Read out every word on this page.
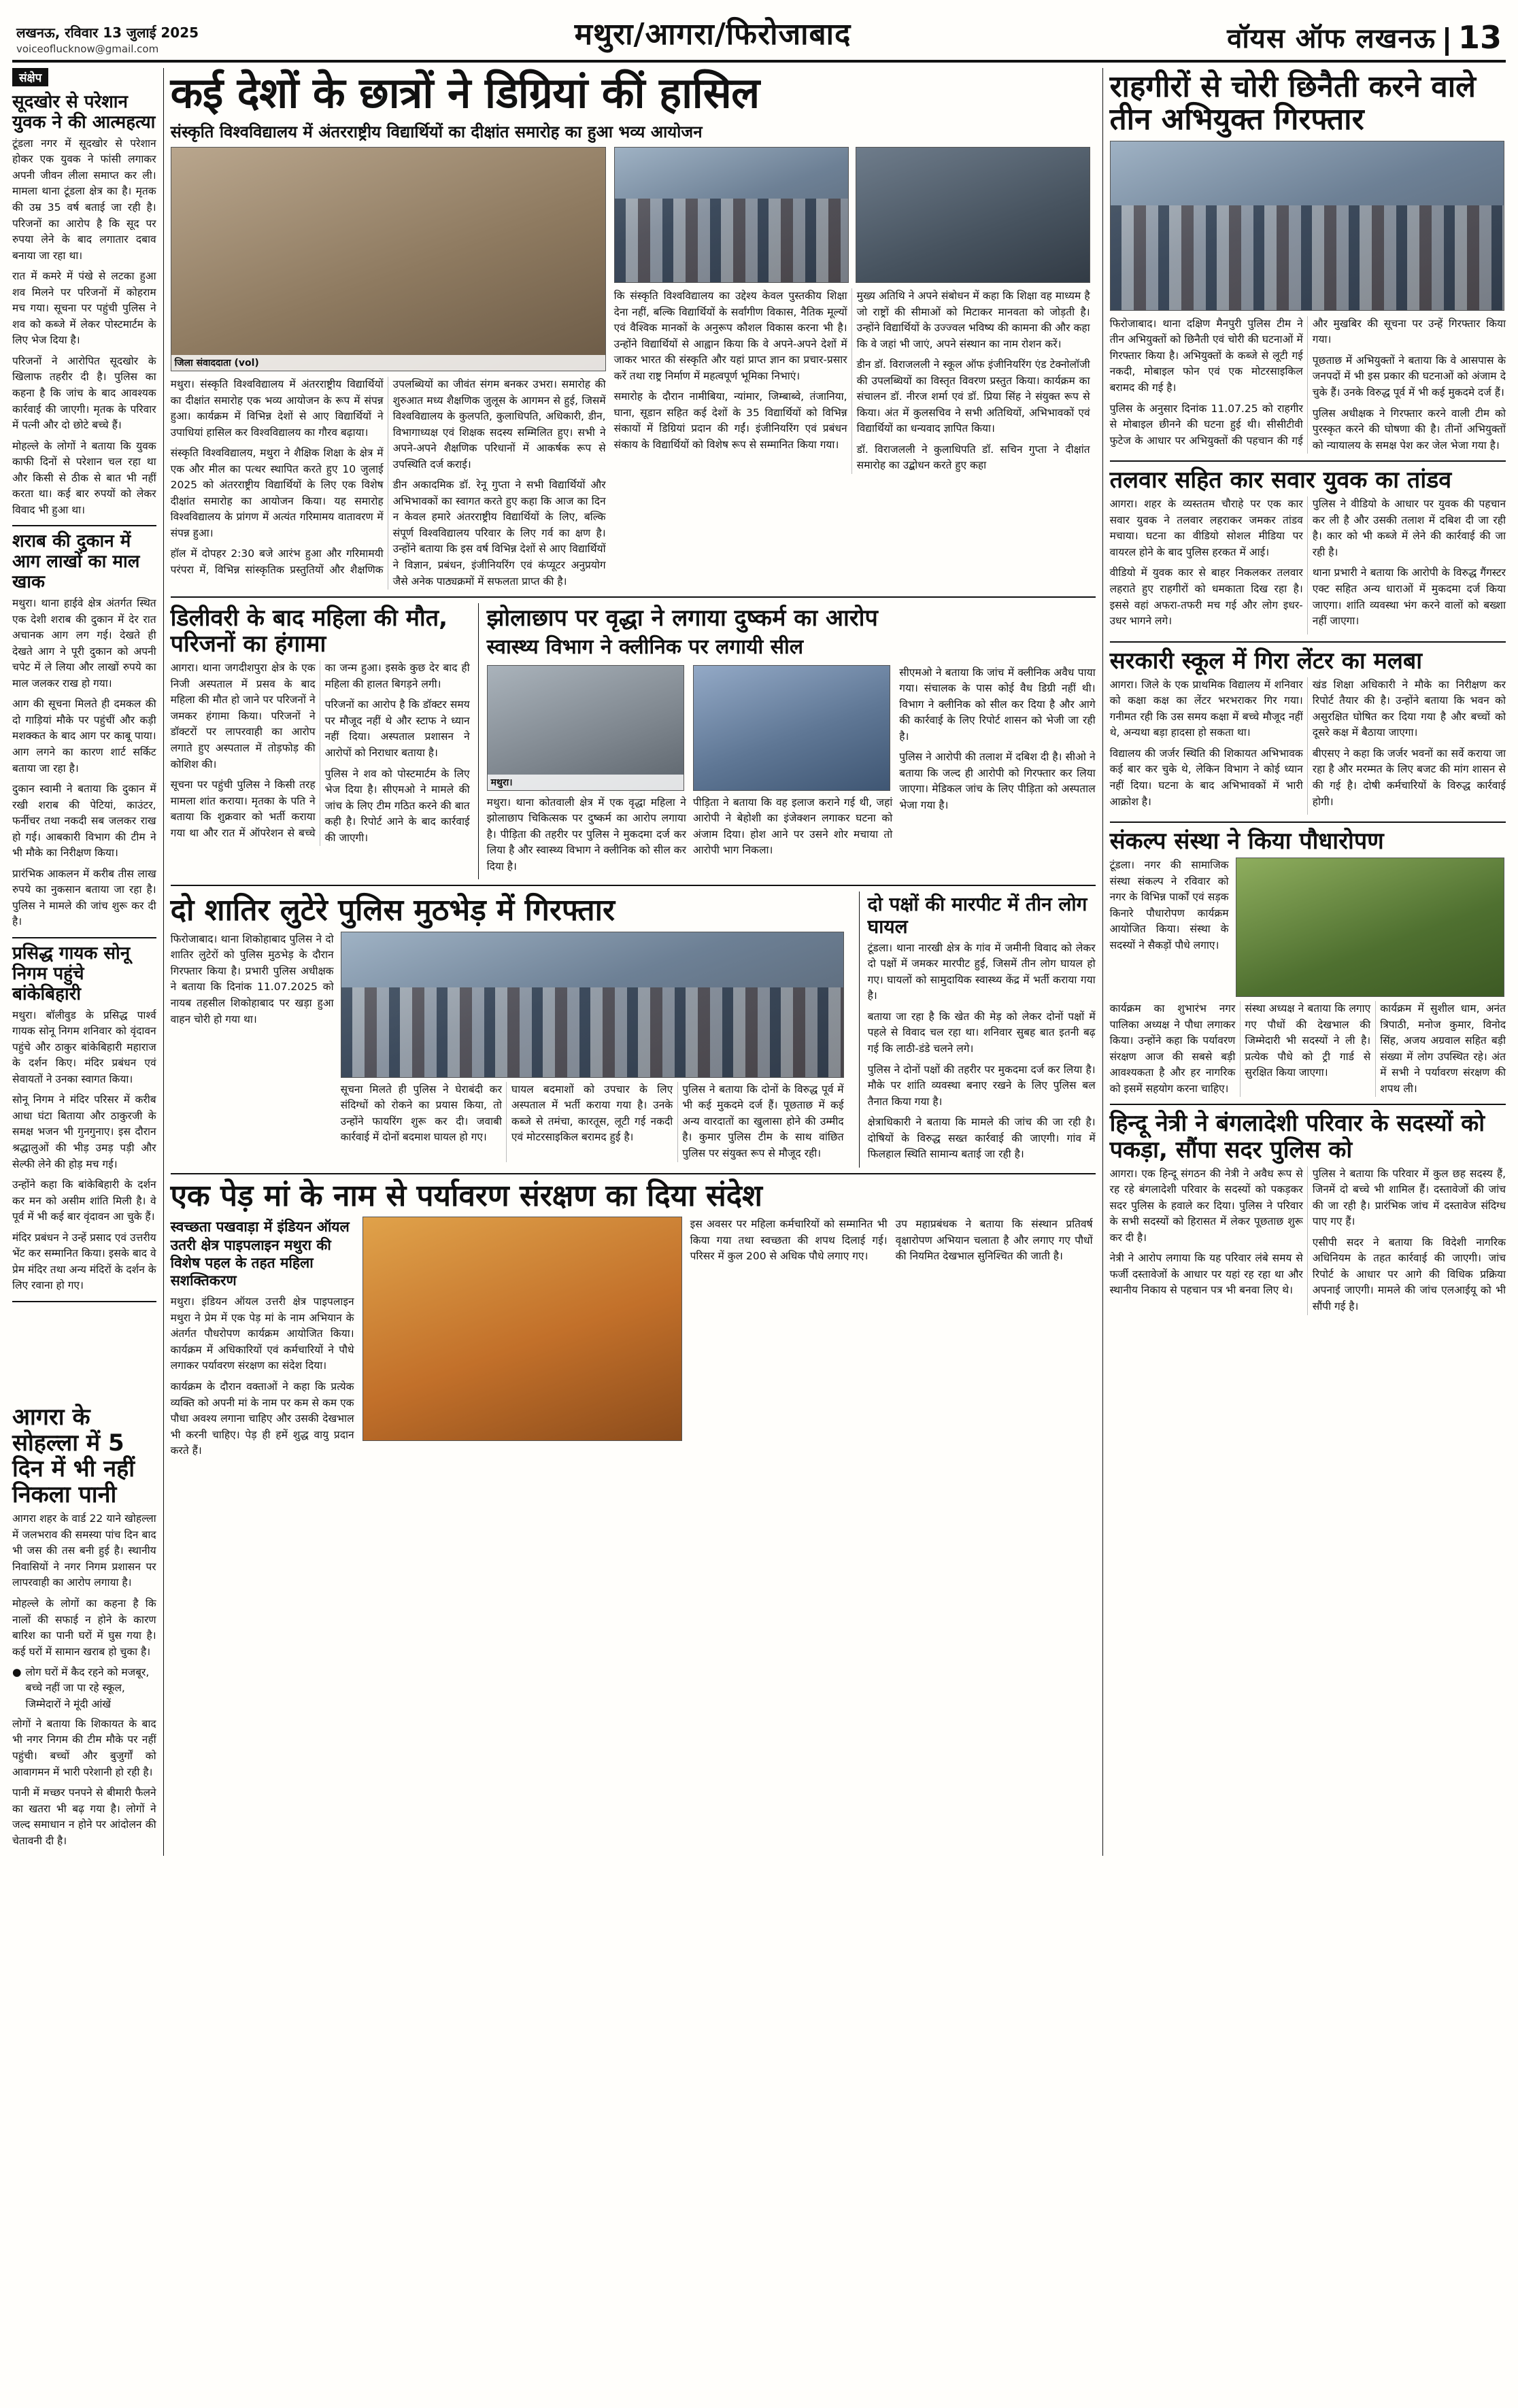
लखनऊ, रविवार 13 जुलाई 2025
voiceoflucknow@gmail.com	मथुरा/आगरा/फिरोजाबाद	वॉयस ऑफ लखनऊ 13
संक्षेप
सूदखोर से परेशान युवक ने की आत्महत्या

टूंडला नगर में सूदखोर से परेशान होकर एक युवक ने फांसी लगाकर अपनी जीवन लीला समाप्त कर ली। मामला थाना टूंडला क्षेत्र का है। मृतक की उम्र 35 वर्ष बताई जा रही है। परिजनों का आरोप है कि सूद पर रुपया लेने के बाद लगातार दबाव बनाया जा रहा था।

रात में कमरे में पंखे से लटका हुआ शव मिलने पर परिजनों में कोहराम मच गया। सूचना पर पहुंची पुलिस ने शव को कब्जे में लेकर पोस्टमार्टम के लिए भेज दिया है।

परिजनों ने आरोपित सूदखोर के खिलाफ तहरीर दी है। पुलिस का कहना है कि जांच के बाद आवश्यक कार्रवाई की जाएगी। मृतक के परिवार में पत्नी और दो छोटे बच्चे हैं।

मोहल्ले के लोगों ने बताया कि युवक काफी दिनों से परेशान चल रहा था और किसी से ठीक से बात भी नहीं करता था। कई बार रुपयों को लेकर विवाद भी हुआ था।

शराब की दुकान में आग लाखों का माल खाक

मथुरा। थाना हाईवे क्षेत्र अंतर्गत स्थित एक देशी शराब की दुकान में देर रात अचानक आग लग गई। देखते ही देखते आग ने पूरी दुकान को अपनी चपेट में ले लिया और लाखों रुपये का माल जलकर राख हो गया।

आग की सूचना मिलते ही दमकल की दो गाड़ियां मौके पर पहुंचीं और कड़ी मशक्कत के बाद आग पर काबू पाया। आग लगने का कारण शार्ट सर्किट बताया जा रहा है।

दुकान स्वामी ने बताया कि दुकान में रखी शराब की पेटियां, काउंटर, फर्नीचर तथा नकदी सब जलकर राख हो गई। आबकारी विभाग की टीम ने भी मौके का निरीक्षण किया।

प्रारंभिक आकलन में करीब तीस लाख रुपये का नुकसान बताया जा रहा है। पुलिस ने मामले की जांच शुरू कर दी है।

प्रसिद्ध गायक सोनू निगम पहुंचे बांकेबिहारी

मथुरा। बॉलीवुड के प्रसिद्ध पार्श्व गायक सोनू निगम शनिवार को वृंदावन पहुंचे और ठाकुर बांकेबिहारी महाराज के दर्शन किए। मंदिर प्रबंधन एवं सेवायतों ने उनका स्वागत किया।

सोनू निगम ने मंदिर परिसर में करीब आधा घंटा बिताया और ठाकुरजी के समक्ष भजन भी गुनगुनाए। इस दौरान श्रद्धालुओं की भीड़ उमड़ पड़ी और सेल्फी लेने की होड़ मच गई।

उन्होंने कहा कि बांकेबिहारी के दर्शन कर मन को असीम शांति मिली है। वे पूर्व में भी कई बार वृंदावन आ चुके हैं।

मंदिर प्रबंधन ने उन्हें प्रसाद एवं उत्तरीय भेंट कर सम्मानित किया। इसके बाद वे प्रेम मंदिर तथा अन्य मंदिरों के दर्शन के लिए रवाना हो गए।

आगरा के सोहल्ला में 5 दिन में भी नहीं निकला पानी

आगरा शहर के वार्ड 22 याने खोहल्ला में जलभराव की समस्या पांच दिन बाद भी जस की तस बनी हुई है। स्थानीय निवासियों ने नगर निगम प्रशासन पर लापरवाही का आरोप लगाया है।

मोहल्ले के लोगों का कहना है कि नालों की सफाई न होने के कारण बारिश का पानी घरों में घुस गया है। कई घरों में सामान खराब हो चुका है।

● लोग घरों में कैद रहने को मजबूर, बच्चे नहीं जा पा रहे स्कूल, जिम्मेदारों ने मूंदी आंखें

लोगों ने बताया कि शिकायत के बाद भी नगर निगम की टीम मौके पर नहीं पहुंची। बच्चों और बुजुर्गों को आवागमन में भारी परेशानी हो रही है।

पानी में मच्छर पनपने से बीमारी फैलने का खतरा भी बढ़ गया है। लोगों ने जल्द समाधान न होने पर आंदोलन की चेतावनी दी है।

कई देशों के छात्रों ने डिग्रियां कीं हासिल
संस्कृति विश्वविद्यालय में अंतरराष्ट्रीय विद्यार्थियों का दीक्षांत समारोह का हुआ भव्य आयोजन
जिला संवाददाता (vol)

मथुरा। संस्कृति विश्वविद्यालय में अंतरराष्ट्रीय विद्यार्थियों का दीक्षांत समारोह एक भव्य आयोजन के रूप में संपन्न हुआ। कार्यक्रम में विभिन्न देशों से आए विद्यार्थियों ने उपाधियां हासिल कर विश्वविद्यालय का गौरव बढ़ाया।

संस्कृति विश्वविद्यालय, मथुरा ने शैक्षिक शिक्षा के क्षेत्र में एक और मील का पत्थर स्थापित करते हुए 10 जुलाई 2025 को अंतरराष्ट्रीय विद्यार्थियों के लिए एक विशेष दीक्षांत समारोह का आयोजन किया। यह समारोह विश्वविद्यालय के प्रांगण में अत्यंत गरिमामय वातावरण में संपन्न हुआ।

हॉल में दोपहर 2:30 बजे आरंभ हुआ और गरिमामयी परंपरा में, विभिन्न सांस्कृतिक प्रस्तुतियों और शैक्षणिक उपलब्धियों का जीवंत संगम बनकर उभरा। समारोह की शुरुआत मध्य शैक्षणिक जुलूस के आगमन से हुई, जिसमें विश्वविद्यालय के कुलपति, कुलाधिपति, अधिकारी, डीन, विभागाध्यक्ष एवं शिक्षक सदस्य सम्मिलित हुए। सभी ने अपने-अपने शैक्षणिक परिधानों में आकर्षक रूप से उपस्थिति दर्ज कराई।

डीन अकादमिक डॉ. रेनू गुप्ता ने सभी विद्यार्थियों और अभिभावकों का स्वागत करते हुए कहा कि आज का दिन न केवल हमारे अंतरराष्ट्रीय विद्यार्थियों के लिए, बल्कि संपूर्ण विश्वविद्यालय परिवार के लिए गर्व का क्षण है। उन्होंने बताया कि इस वर्ष विभिन्न देशों से आए विद्यार्थियों ने विज्ञान, प्रबंधन, इंजीनियरिंग एवं कंप्यूटर अनुप्रयोग जैसे अनेक पाठ्यक्रमों में सफलता प्राप्त की है।

कि संस्कृति विश्वविद्यालय का उद्देश्य केवल पुस्तकीय शिक्षा देना नहीं, बल्कि विद्यार्थियों के सर्वांगीण विकास, नैतिक मूल्यों एवं वैश्विक मानकों के अनुरूप कौशल विकास करना भी है। उन्होंने विद्यार्थियों से आह्वान किया कि वे अपने-अपने देशों में जाकर भारत की संस्कृति और यहां प्राप्त ज्ञान का प्रचार-प्रसार करें तथा राष्ट्र निर्माण में महत्वपूर्ण भूमिका निभाएं।

समारोह के दौरान नामीबिया, न्यांमार, जिम्बाब्वे, तंजानिया, घाना, सूडान सहित कई देशों के 35 विद्यार्थियों को विभिन्न संकायों में डिग्रियां प्रदान की गईं। इंजीनियरिंग एवं प्रबंधन संकाय के विद्यार्थियों को विशेष रूप से सम्मानित किया गया।

मुख्य अतिथि ने अपने संबोधन में कहा कि शिक्षा वह माध्यम है जो राष्ट्रों की सीमाओं को मिटाकर मानवता को जोड़ती है। उन्होंने विद्यार्थियों के उज्ज्वल भविष्य की कामना की और कहा कि वे जहां भी जाएं, अपने संस्थान का नाम रोशन करें।

डीन डॉ. विराजलली ने स्कूल ऑफ इंजीनियरिंग एंड टेक्नोलॉजी की उपलब्धियों का विस्तृत विवरण प्रस्तुत किया। कार्यक्रम का संचालन डॉ. नीरज शर्मा एवं डॉ. प्रिया सिंह ने संयुक्त रूप से किया। अंत में कुलसचिव ने सभी अतिथियों, अभिभावकों एवं विद्यार्थियों का धन्यवाद ज्ञापित किया।

डॉ. विराजलली ने कुलाधिपति डॉ. सचिन गुप्ता ने दीक्षांत समारोह का उद्बोधन करते हुए कहा

डिलीवरी के बाद महिला की मौत, परिजनों का हंगामा

आगरा। थाना जगदीशपुरा क्षेत्र के एक निजी अस्पताल में प्रसव के बाद महिला की मौत हो जाने पर परिजनों ने जमकर हंगामा किया। परिजनों ने डॉक्टरों पर लापरवाही का आरोप लगाते हुए अस्पताल में तोड़फोड़ की कोशिश की।

सूचना पर पहुंची पुलिस ने किसी तरह मामला शांत कराया। मृतका के पति ने बताया कि शुक्रवार को भर्ती कराया गया था और रात में ऑपरेशन से बच्चे का जन्म हुआ। इसके कुछ देर बाद ही महिला की हालत बिगड़ने लगी।

परिजनों का आरोप है कि डॉक्टर समय पर मौजूद नहीं थे और स्टाफ ने ध्यान नहीं दिया। अस्पताल प्रशासन ने आरोपों को निराधार बताया है।

पुलिस ने शव को पोस्टमार्टम के लिए भेज दिया है। सीएमओ ने मामले की जांच के लिए टीम गठित करने की बात कही है। रिपोर्ट आने के बाद कार्रवाई की जाएगी।

झोलाछाप पर वृद्धा ने लगाया दुष्कर्म का आरोप
स्वास्थ्य विभाग ने क्लीनिक पर लगायी सील
मथुरा।

मथुरा। थाना कोतवाली क्षेत्र में एक वृद्धा महिला ने झोलाछाप चिकित्सक पर दुष्कर्म का आरोप लगाया है। पीड़िता की तहरीर पर पुलिस ने मुकदमा दर्ज कर लिया है और स्वास्थ्य विभाग ने क्लीनिक को सील कर दिया है।

पीड़िता ने बताया कि वह इलाज कराने गई थी, जहां आरोपी ने बेहोशी का इंजेक्शन लगाकर घटना को अंजाम दिया। होश आने पर उसने शोर मचाया तो आरोपी भाग निकला।

सीएमओ ने बताया कि जांच में क्लीनिक अवैध पाया गया। संचालक के पास कोई वैध डिग्री नहीं थी। विभाग ने क्लीनिक को सील कर दिया है और आगे की कार्रवाई के लिए रिपोर्ट शासन को भेजी जा रही है।

पुलिस ने आरोपी की तलाश में दबिश दी है। सीओ ने बताया कि जल्द ही आरोपी को गिरफ्तार कर लिया जाएगा। मेडिकल जांच के लिए पीड़िता को अस्पताल भेजा गया है।

दो शातिर लुटेरे पुलिस मुठभेड़ में गिरफ्तार

फिरोजाबाद। थाना शिकोहाबाद पुलिस ने दो शातिर लुटेरों को पुलिस मुठभेड़ के दौरान गिरफ्तार किया है। प्रभारी पुलिस अधीक्षक ने बताया कि दिनांक 11.07.2025 को नायब तहसील शिकोहाबाद पर खड़ा हुआ वाहन चोरी हो गया था।

सूचना मिलते ही पुलिस ने घेराबंदी कर संदिग्धों को रोकने का प्रयास किया, तो उन्होंने फायरिंग शुरू कर दी। जवाबी कार्रवाई में दोनों बदमाश घायल हो गए।

घायल बदमाशों को उपचार के लिए अस्पताल में भर्ती कराया गया है। उनके कब्जे से तमंचा, कारतूस, लूटी गई नकदी एवं मोटरसाइकिल बरामद हुई है।

पुलिस ने बताया कि दोनों के विरुद्ध पूर्व में भी कई मुकदमे दर्ज हैं। पूछताछ में कई अन्य वारदातों का खुलासा होने की उम्मीद है। कुमार पुलिस टीम के साथ वांछित पुलिस पर संयुक्त रूप से मौजूद रही।

दो पक्षों की मारपीट में तीन लोग घायल

टूंडला। थाना नारखी क्षेत्र के गांव में जमीनी विवाद को लेकर दो पक्षों में जमकर मारपीट हुई, जिसमें तीन लोग घायल हो गए। घायलों को सामुदायिक स्वास्थ्य केंद्र में भर्ती कराया गया है।

बताया जा रहा है कि खेत की मेड़ को लेकर दोनों पक्षों में पहले से विवाद चल रहा था। शनिवार सुबह बात इतनी बढ़ गई कि लाठी-डंडे चलने लगे।

पुलिस ने दोनों पक्षों की तहरीर पर मुकदमा दर्ज कर लिया है। मौके पर शांति व्यवस्था बनाए रखने के लिए पुलिस बल तैनात किया गया है।

क्षेत्राधिकारी ने बताया कि मामले की जांच की जा रही है। दोषियों के विरुद्ध सख्त कार्रवाई की जाएगी। गांव में फिलहाल स्थिति सामान्य बताई जा रही है।

एक पेड़ मां के नाम से पर्यावरण संरक्षण का दिया संदेश
स्वच्छता पखवाड़ा में इंडियन ऑयल उतरी क्षेत्र पाइपलाइन मथुरा की विशेष पहल के तहत महिला सशक्तिकरण

मथुरा। इंडियन ऑयल उत्तरी क्षेत्र पाइपलाइन मथुरा ने प्रेम में एक पेड़ मां के नाम अभियान के अंतर्गत पौधरोपण कार्यक्रम आयोजित किया। कार्यक्रम में अधिकारियों एवं कर्मचारियों ने पौधे लगाकर पर्यावरण संरक्षण का संदेश दिया।

कार्यक्रम के दौरान वक्ताओं ने कहा कि प्रत्येक व्यक्ति को अपनी मां के नाम पर कम से कम एक पौधा अवश्य लगाना चाहिए और उसकी देखभाल भी करनी चाहिए। पेड़ ही हमें शुद्ध वायु प्रदान करते हैं।

इस अवसर पर महिला कर्मचारियों को सम्मानित भी किया गया तथा स्वच्छता की शपथ दिलाई गई। परिसर में कुल 200 से अधिक पौधे लगाए गए।

उप महाप्रबंधक ने बताया कि संस्थान प्रतिवर्ष वृक्षारोपण अभियान चलाता है और लगाए गए पौधों की नियमित देखभाल सुनिश्चित की जाती है।

राहगीरों से चोरी छिनैती करने वाले तीन अभियुक्त गिरफ्तार

फिरोजाबाद। थाना दक्षिण मैनपुरी पुलिस टीम ने तीन अभियुक्तों को छिनैती एवं चोरी की घटनाओं में गिरफ्तार किया है। अभियुक्तों के कब्जे से लूटी गई नकदी, मोबाइल फोन एवं एक मोटरसाइकिल बरामद की गई है।

पुलिस के अनुसार दिनांक 11.07.25 को राहगीर से मोबाइल छीनने की घटना हुई थी। सीसीटीवी फुटेज के आधार पर अभियुक्तों की पहचान की गई और मुखबिर की सूचना पर उन्हें गिरफ्तार किया गया।

पूछताछ में अभियुक्तों ने बताया कि वे आसपास के जनपदों में भी इस प्रकार की घटनाओं को अंजाम दे चुके हैं। उनके विरुद्ध पूर्व में भी कई मुकदमे दर्ज हैं।

पुलिस अधीक्षक ने गिरफ्तार करने वाली टीम को पुरस्कृत करने की घोषणा की है। तीनों अभियुक्तों को न्यायालय के समक्ष पेश कर जेल भेजा गया है।

तलवार सहित कार सवार युवक का तांडव

आगरा। शहर के व्यस्ततम चौराहे पर एक कार सवार युवक ने तलवार लहराकर जमकर तांडव मचाया। घटना का वीडियो सोशल मीडिया पर वायरल होने के बाद पुलिस हरकत में आई।

वीडियो में युवक कार से बाहर निकलकर तलवार लहराते हुए राहगीरों को धमकाता दिख रहा है। इससे वहां अफरा-तफरी मच गई और लोग इधर-उधर भागने लगे।

पुलिस ने वीडियो के आधार पर युवक की पहचान कर ली है और उसकी तलाश में दबिश दी जा रही है। कार को भी कब्जे में लेने की कार्रवाई की जा रही है।

थाना प्रभारी ने बताया कि आरोपी के विरुद्ध गैंगस्टर एक्ट सहित अन्य धाराओं में मुकदमा दर्ज किया जाएगा। शांति व्यवस्था भंग करने वालों को बख्शा नहीं जाएगा।

सरकारी स्कूल में गिरा लेंटर का मलबा

आगरा। जिले के एक प्राथमिक विद्यालय में शनिवार को कक्षा कक्ष का लेंटर भरभराकर गिर गया। गनीमत रही कि उस समय कक्षा में बच्चे मौजूद नहीं थे, अन्यथा बड़ा हादसा हो सकता था।

विद्यालय की जर्जर स्थिति की शिकायत अभिभावक कई बार कर चुके थे, लेकिन विभाग ने कोई ध्यान नहीं दिया। घटना के बाद अभिभावकों में भारी आक्रोश है।

खंड शिक्षा अधिकारी ने मौके का निरीक्षण कर रिपोर्ट तैयार की है। उन्होंने बताया कि भवन को असुरक्षित घोषित कर दिया गया है और बच्चों को दूसरे कक्ष में बैठाया जाएगा।

बीएसए ने कहा कि जर्जर भवनों का सर्वे कराया जा रहा है और मरम्मत के लिए बजट की मांग शासन से की गई है। दोषी कर्मचारियों के विरुद्ध कार्रवाई होगी।

संकल्प संस्था ने किया पौधारोपण

टूंडला। नगर की सामाजिक संस्था संकल्प ने रविवार को नगर के विभिन्न पार्कों एवं सड़क किनारे पौधारोपण कार्यक्रम आयोजित किया। संस्था के सदस्यों ने सैकड़ों पौधे लगाए।

कार्यक्रम का शुभारंभ नगर पालिका अध्यक्ष ने पौधा लगाकर किया। उन्होंने कहा कि पर्यावरण संरक्षण आज की सबसे बड़ी आवश्यकता है और हर नागरिक को इसमें सहयोग करना चाहिए।

संस्था अध्यक्ष ने बताया कि लगाए गए पौधों की देखभाल की जिम्मेदारी भी सदस्यों ने ली है। प्रत्येक पौधे को ट्री गार्ड से सुरक्षित किया जाएगा।

कार्यक्रम में सुशील धाम, अनंत त्रिपाठी, मनोज कुमार, विनोद सिंह, अजय अग्रवाल सहित बड़ी संख्या में लोग उपस्थित रहे। अंत में सभी ने पर्यावरण संरक्षण की शपथ ली।

हिन्दू नेत्री ने बंगलादेशी परिवार के सदस्यों को पकड़ा, सौंपा सदर पुलिस को

आगरा। एक हिन्दू संगठन की नेत्री ने अवैध रूप से रह रहे बंगलादेशी परिवार के सदस्यों को पकड़कर सदर पुलिस के हवाले कर दिया। पुलिस ने परिवार के सभी सदस्यों को हिरासत में लेकर पूछताछ शुरू कर दी है।

नेत्री ने आरोप लगाया कि यह परिवार लंबे समय से फर्जी दस्तावेजों के आधार पर यहां रह रहा था और स्थानीय निकाय से पहचान पत्र भी बनवा लिए थे।

पुलिस ने बताया कि परिवार में कुल छह सदस्य हैं, जिनमें दो बच्चे भी शामिल हैं। दस्तावेजों की जांच की जा रही है। प्रारंभिक जांच में दस्तावेज संदिग्ध पाए गए हैं।

एसीपी सदर ने बताया कि विदेशी नागरिक अधिनियम के तहत कार्रवाई की जाएगी। जांच रिपोर्ट के आधार पर आगे की विधिक प्रक्रिया अपनाई जाएगी। मामले की जांच एलआईयू को भी सौंपी गई है।
